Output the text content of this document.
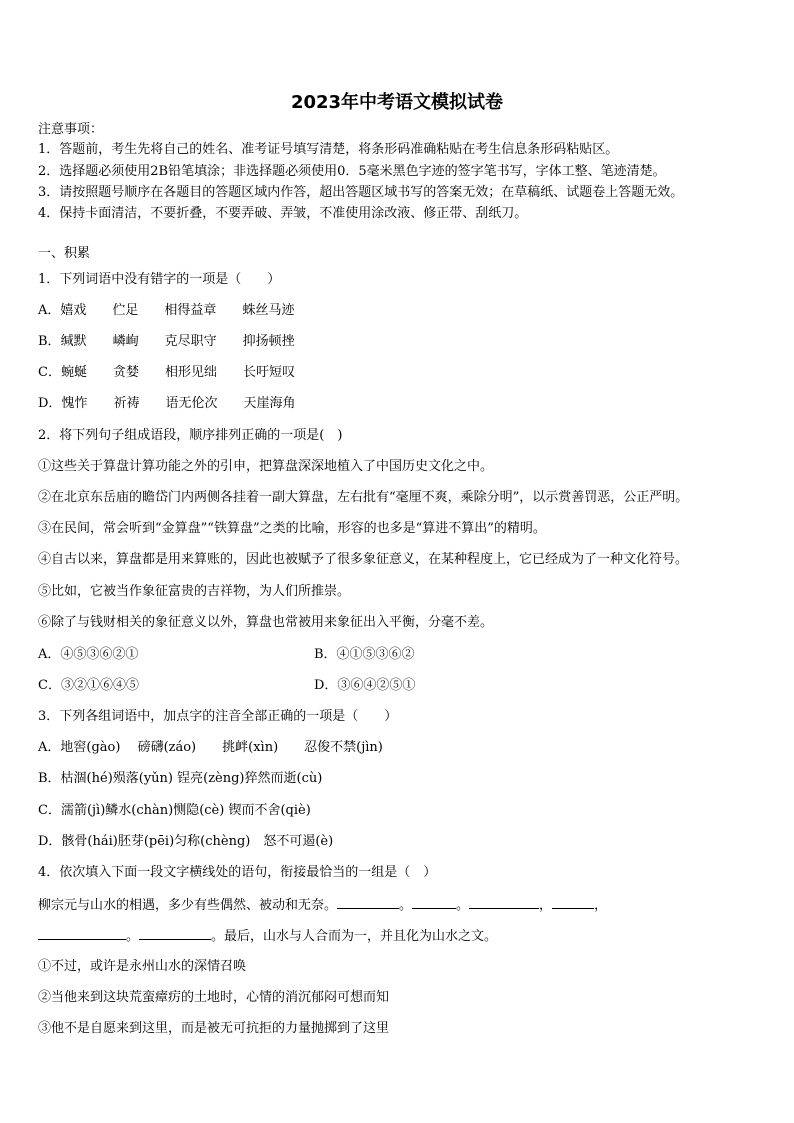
2023年中考语文模拟试卷
注意事项：
1．答题前，考生先将自己的姓名、准考证号填写清楚，将条形码准确粘贴在考生信息条形码粘贴区。
2．选择题必须使用2B铅笔填涂；非选择题必须使用0．5毫米黑色字迹的签字笔书写，字体工整、笔迹清楚。
3．请按照题号顺序在各题目的答题区域内作答，超出答题区域书写的答案无效；在草稿纸、试题卷上答题无效。
4．保持卡面清洁，不要折叠，不要弄破、弄皱，不准使用涂改液、修正带、刮纸刀。
一、积累
1．下列词语中没有错字的一项是（　　）
A．嬉戏 伫足 相得益章 蛛丝马迹
B．缄默 嶙峋 克尽职守 抑扬顿挫
C．蜿蜒 贪婪 相形见绌 长吁短叹
D．愧怍 祈祷 语无伦次 天崖海角
2．将下列句子组成语段，顺序排列正确的一项是(　)
①这些关于算盘计算功能之外的引申，把算盘深深地植入了中国历史文化之中。
②在北京东岳庙的瞻岱门内两侧各挂着一副大算盘，左右批有“毫厘不爽，乘除分明”，以示赏善罚恶，公正严明。
③在民间，常会听到“金算盘”“铁算盘”之类的比喻，形容的也多是“算进不算出”的精明。
④自古以来，算盘都是用来算账的，因此也被赋予了很多象征意义，在某种程度上，它已经成为了一种文化符号。
⑤比如，它被当作象征富贵的吉祥物，为人们所推崇。
⑥除了与钱财相关的象征意义以外，算盘也常被用来象征出入平衡，分毫不差。
A．④⑤③⑥②①	B．④①⑤③⑥②
C．③②①⑥④⑤	D．③⑥④②⑤①
3．下列各组词语中，加点字的注音全部正确的一项是（　　）
A．地窖(gào)　 磅礴(záo)　　挑衅(xìn)　　忍俊不禁(jìn)
B．枯涸(hé)殒落(yǔn) 锃亮(zèng)猝然而逝(cù)
C．濡箭(jì)鳞水(chàn)恻隐(cè) 锲而不舍(qiè)
D．骸骨(hái)胚芽(pēi)匀称(chèng)　怒不可遏(è)
4．依次填入下面一段文字横线处的语句，衔接最恰当的一组是（　）
柳宗元与山水的相遇，多少有些偶然、被动和无奈。	。	。	，	，
。	。最后，山水与人合而为一，并且化为山水之文。
①不过，或许是永州山水的深情召唤
②当他来到这块荒蛮瘴疠的土地时，心情的消沉郁闷可想而知
③他不是自愿来到这里，而是被无可抗拒的力量抛掷到了这里
